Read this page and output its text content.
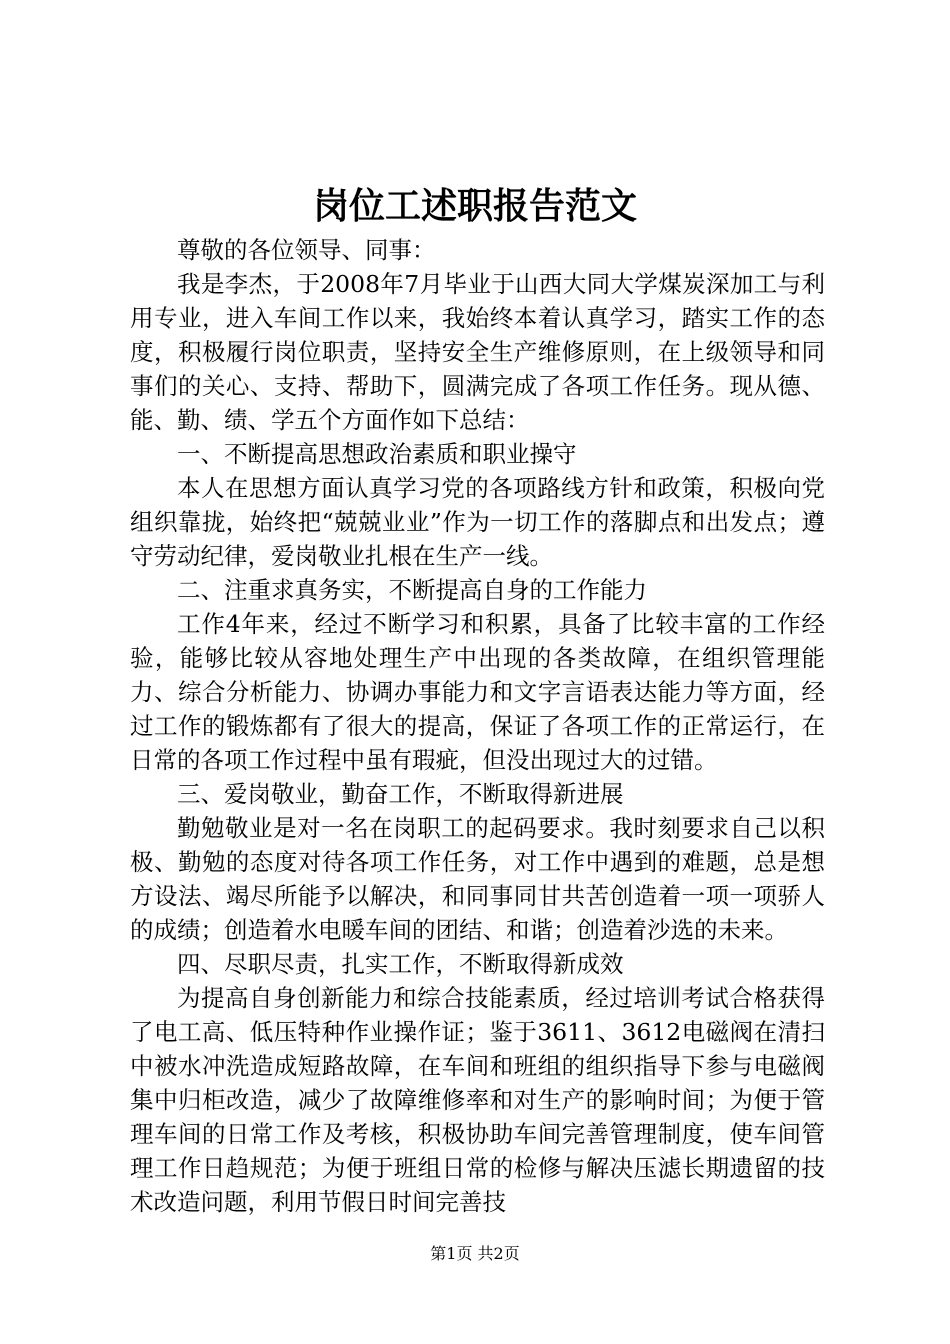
岗位工述职报告范文

尊敬的各位领导、同事：

我是李杰，于2008年7月毕业于山西大同大学煤炭深加工与利用专业，进入车间工作以来，我始终本着认真学习，踏实工作的态度，积极履行岗位职责，坚持安全生产维修原则，在上级领导和同事们的关心、支持、帮助下，圆满完成了各项工作任务。现从德、能、勤、绩、学五个方面作如下总结：

一、不断提高思想政治素质和职业操守

本人在思想方面认真学习党的各项路线方针和政策，积极向党组织靠拢，始终把“兢兢业业”作为一切工作的落脚点和出发点；遵守劳动纪律，爱岗敬业扎根在生产一线。

二、注重求真务实，不断提高自身的工作能力

工作4年来，经过不断学习和积累，具备了比较丰富的工作经验，能够比较从容地处理生产中出现的各类故障，在组织管理能力、综合分析能力、协调办事能力和文字言语表达能力等方面，经过工作的锻炼都有了很大的提高，保证了各项工作的正常运行，在日常的各项工作过程中虽有瑕疵，但没出现过大的过错。

三、爱岗敬业，勤奋工作，不断取得新进展

勤勉敬业是对一名在岗职工的起码要求。我时刻要求自己以积极、勤勉的态度对待各项工作任务，对工作中遇到的难题，总是想方设法、竭尽所能予以解决，和同事同甘共苦创造着一项一项骄人的成绩；创造着水电暖车间的团结、和谐；创造着沙选的未来。

四、尽职尽责，扎实工作，不断取得新成效

为提高自身创新能力和综合技能素质，经过培训考试合格获得了电工高、低压特种作业操作证；鉴于3611、3612电磁阀在清扫中被水冲洗造成短路故障，在车间和班组的组织指导下参与电磁阀集中归柜改造，减少了故障维修率和对生产的影响时间；为便于管理车间的日常工作及考核，积极协助车间完善管理制度，使车间管理工作日趋规范；为便于班组日常的检修与解决压滤长期遗留的技术改造问题，利用节假日时间完善技

第1页 共2页
